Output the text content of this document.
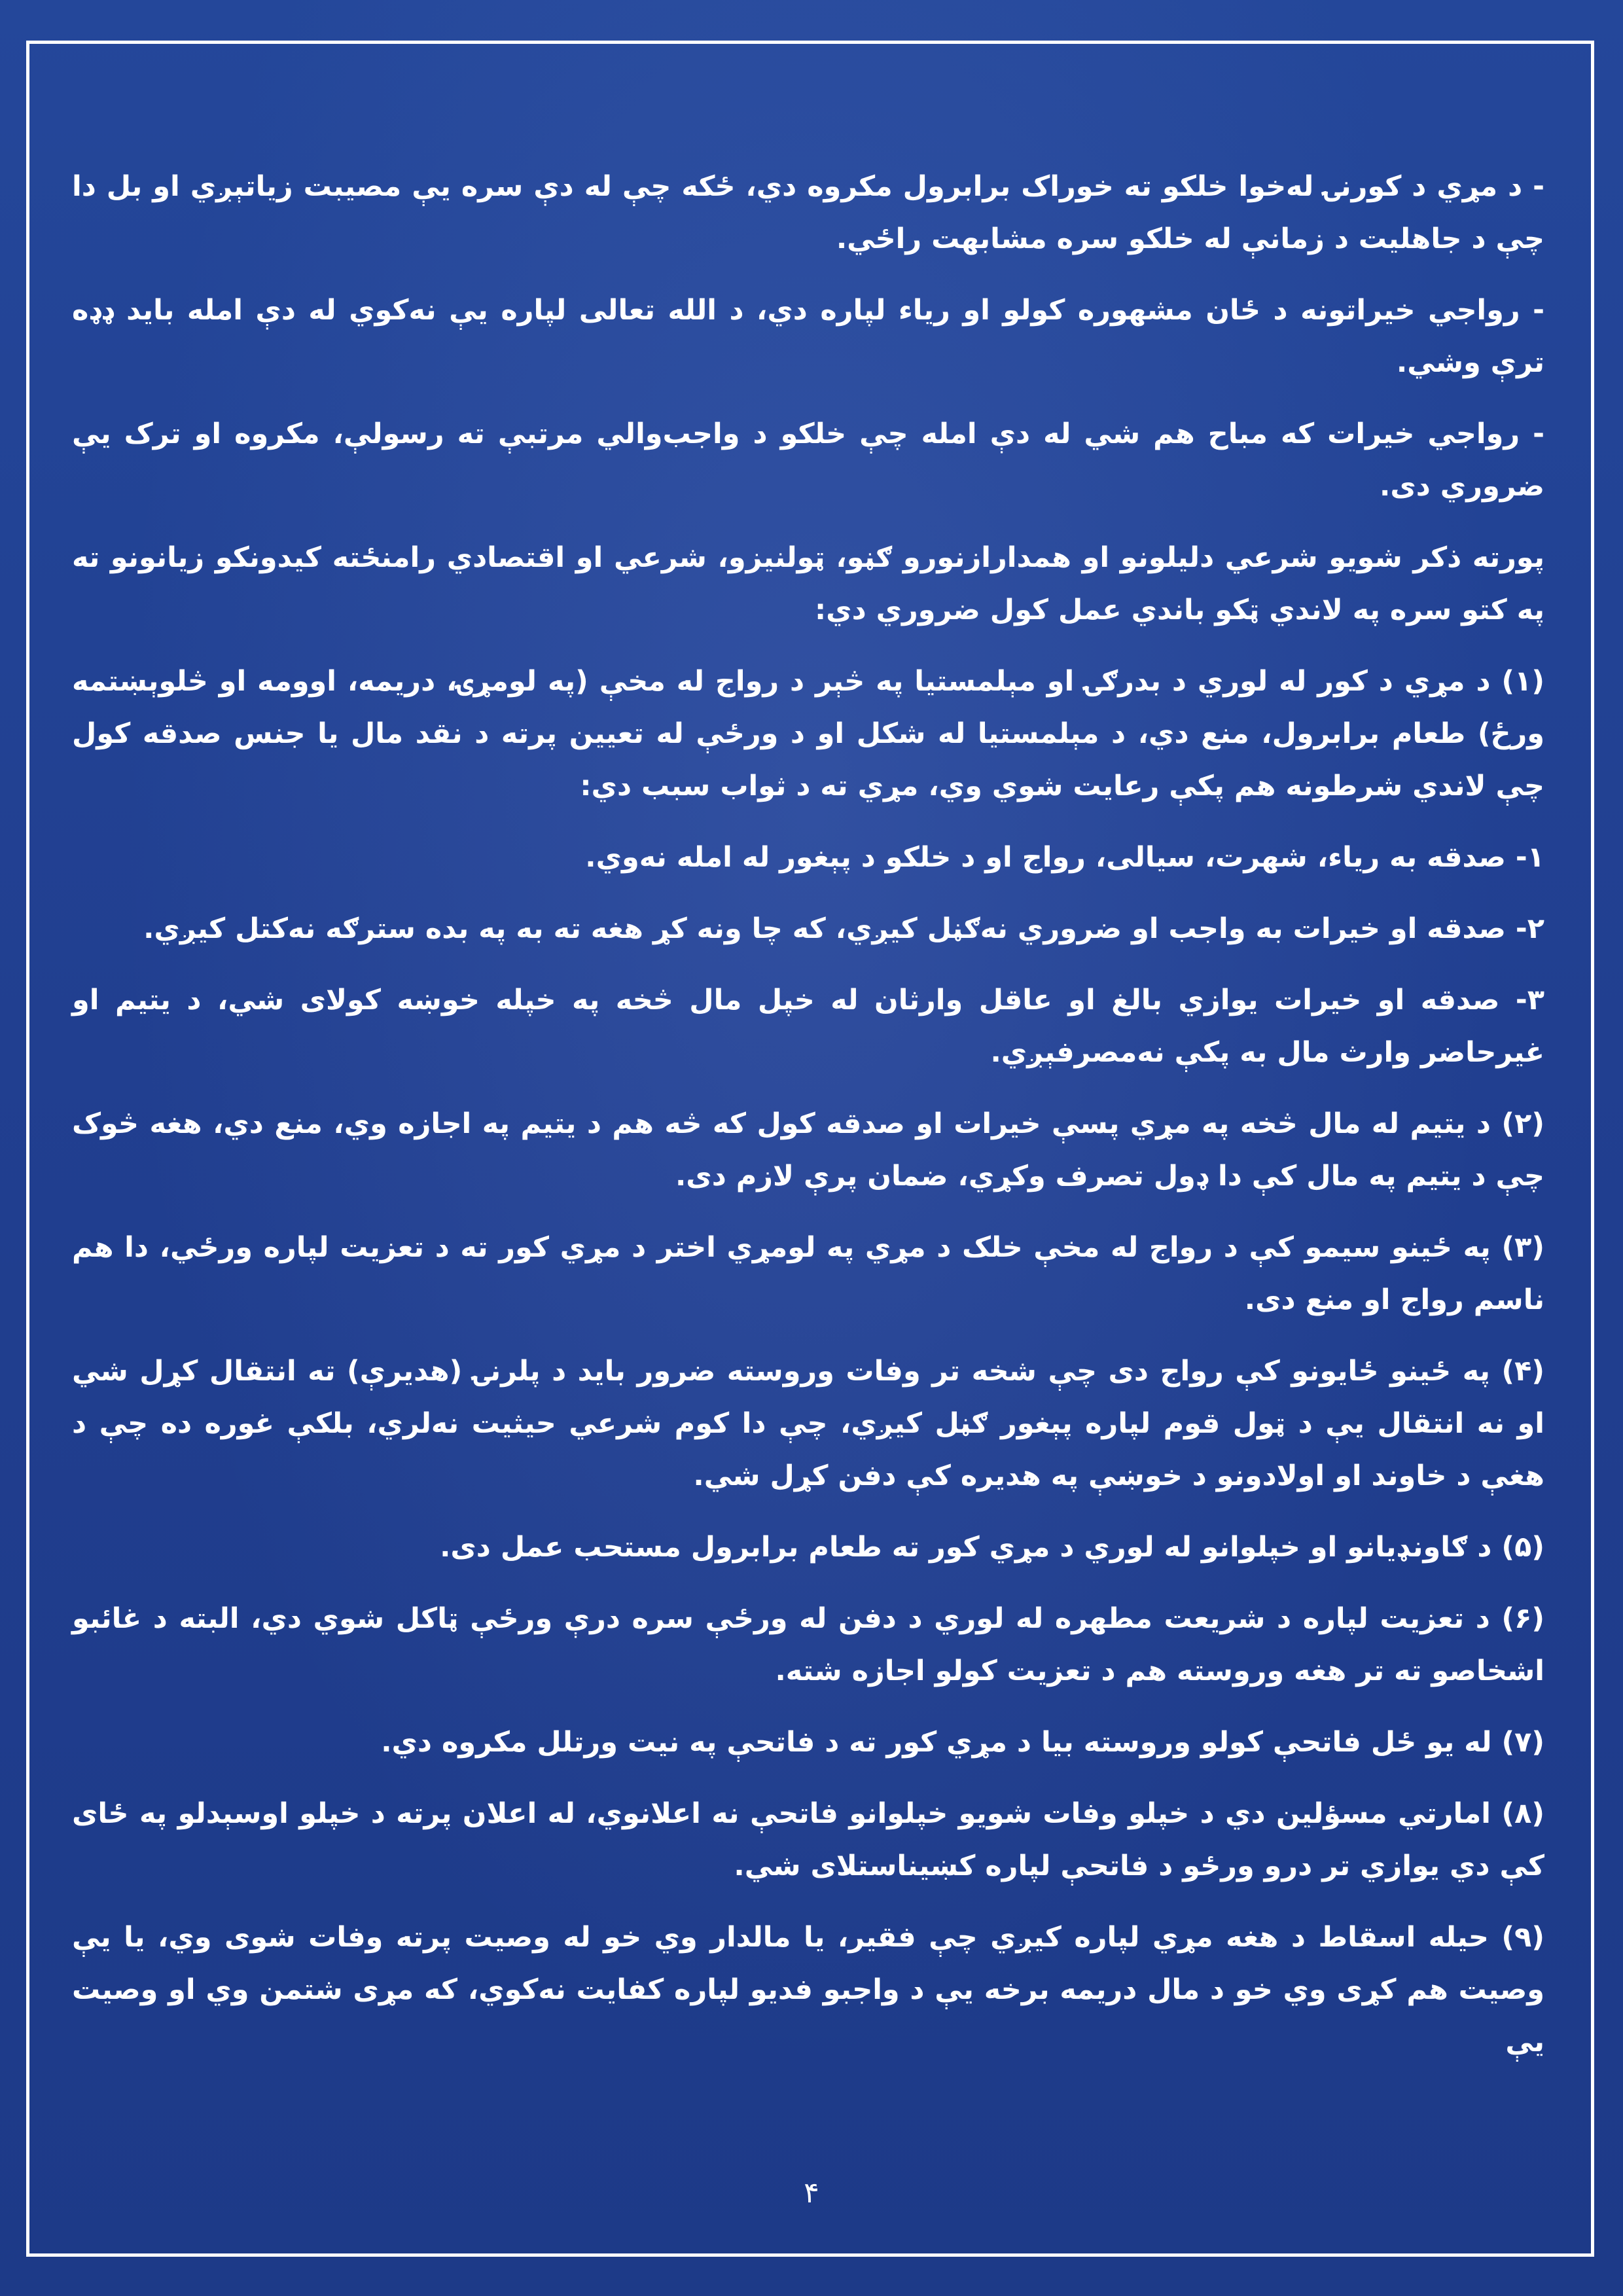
- د مړي د کورنۍ له‌خوا خلکو ته خوراک برابرول مکروه دي، ځکه چې له دې سره يې مصيبت زياتېږي او بل دا چې د جاهليت د زمانې له خلکو سره مشابهت راځي.

- رواجي خيراتونه د ځان مشهوره کولو او رياء لپاره دي، د الله تعالی لپاره يې نه‌کوي له دې امله بايد ډډه ترې وشي.

- رواجي خيرات که مباح هم شي له دې امله چې خلکو د واجب‌والي مرتبې ته رسولې، مکروه او ترک يې ضروري دی.

پورته ذکر شويو شرعي دليلونو او همدارازنورو ګڼو، ټولنيزو، شرعي او اقتصادي رامنځته کيدونکو زيانونو ته په کتو سره په لاندي ټکو باندي عمل کول ضروري دي:

(۱) د مړي د کور له لوري د بدرګۍ او مېلمستيا په څېر د رواج له مخې (په لومړۍ، دريمه، اوومه او څلوېښتمه ورځ) طعام برابرول، منع دي، د مېلمستيا له شکل او د ورځې له تعيين پرته د نقد مال يا جنس صدقه کول چې لاندي شرطونه هم پکې رعايت شوي وي، مړي ته د ثواب سبب دي:

۱- صدقه به رياء، شهرت، سيالی، رواج او د خلکو د پېغور له امله نه‌وي.

۲- صدقه او خيرات به واجب او ضروري نه‌ګڼل کيږي، که چا ونه کړ هغه ته به په بده سترګه نه‌کتل کيږي.

۳- صدقه او خيرات يوازي بالغ او عاقل وارثان له خپل مال څخه په خپله خوښه کولای شي، د يتيم او غيرحاضر وارث مال به پکې نه‌مصرفېږي.

(۲) د يتيم له مال څخه په مړي پسې خيرات او صدقه کول که څه هم د يتيم په اجازه وي، منع دي، هغه څوک چې د يتيم په مال کې دا ډول تصرف وکړي، ضمان پرې لازم دی.

(۳) په ځينو سيمو کې د رواج له مخې خلک د مړي په لومړي اختر د مړي کور ته د تعزيت لپاره ورځي، دا هم ناسم رواج او منع دی.

(۴) په ځينو ځايونو کې رواج دی چې شخه تر وفات وروسته ضرور بايد د پلرنۍ (هديرې) ته انتقال کړل شي او نه انتقال يې د ټول قوم لپاره پېغور ګڼل کيږي، چې دا کوم شرعي حيثيت نه‌لري، بلکې غوره ده چې د هغې د خاوند او اولادونو د خوښې په هديره کې دفن کړل شي.

(۵) د ګاونډيانو او خپلوانو له لوري د مړي کور ته طعام برابرول مستحب عمل دی.

(۶) د تعزيت لپاره د شريعت مطهره له لوري د دفن له ورځې سره درې ورځې ټاکل شوي دي، البته د غائبو اشخاصو ته تر هغه وروسته هم د تعزيت کولو اجازه شته.

(۷) له يو ځل فاتحې کولو وروسته بيا د مړي کور ته د فاتحې په نيت ورتلل مکروه دي.

(۸) امارتي مسؤلين دي د خپلو وفات شويو خپلوانو فاتحې نه اعلانوي، له اعلان پرته د خپلو اوسېدلو په ځای کې دي يوازي تر درو ورځو د فاتحې لپاره کښيناستلای شي.

(۹) حيله اسقاط د هغه مړي لپاره کيږي چې فقير، يا مالدار وي خو له وصيت پرته وفات شوی وي، يا يې وصيت هم کړی وي خو د مال دريمه برخه يې د واجبو فديو لپاره کفايت نه‌کوي، که مړی شتمن وي او وصيت يې

۴
